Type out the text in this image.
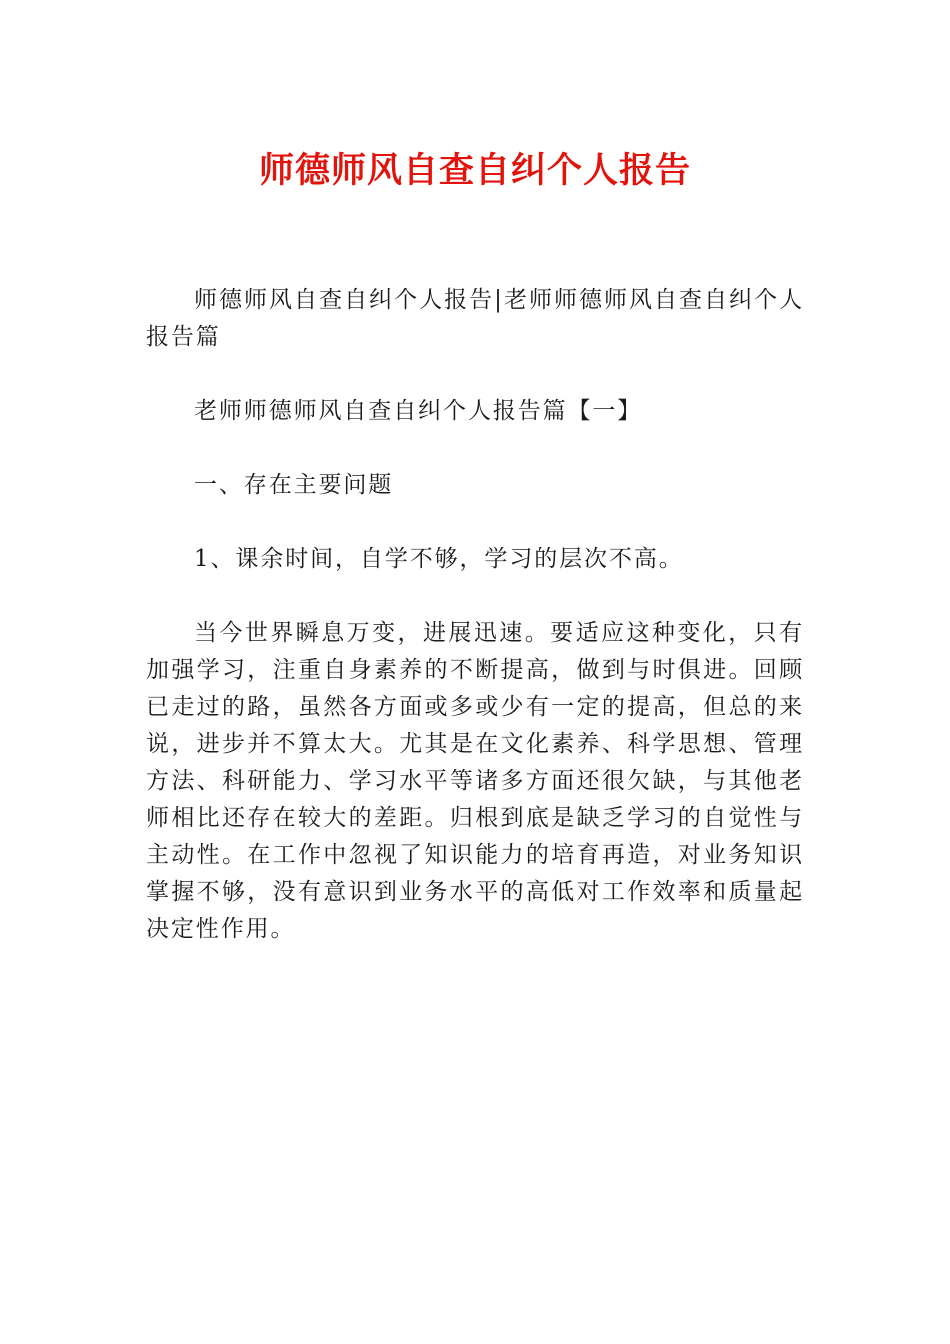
师德师风自查自纠个人报告

师德师风自查自纠个人报告|老师师德师风自查自纠个人报告篇

老师师德师风自查自纠个人报告篇【一】

一、存在主要问题

1、课余时间，自学不够，学习的层次不高。

当今世界瞬息万变，进展迅速。要适应这种变化，只有加强学习，注重自身素养的不断提高，做到与时俱进。回顾已走过的路，虽然各方面或多或少有一定的提高，但总的来说，进步并不算太大。尤其是在文化素养、科学思想、管理方法、科研能力、学习水平等诸多方面还很欠缺，与其他老师相比还存在较大的差距。归根到底是缺乏学习的自觉性与主动性。在工作中忽视了知识能力的培育再造，对业务知识掌握不够，没有意识到业务水平的高低对工作效率和质量起决定性作用。
